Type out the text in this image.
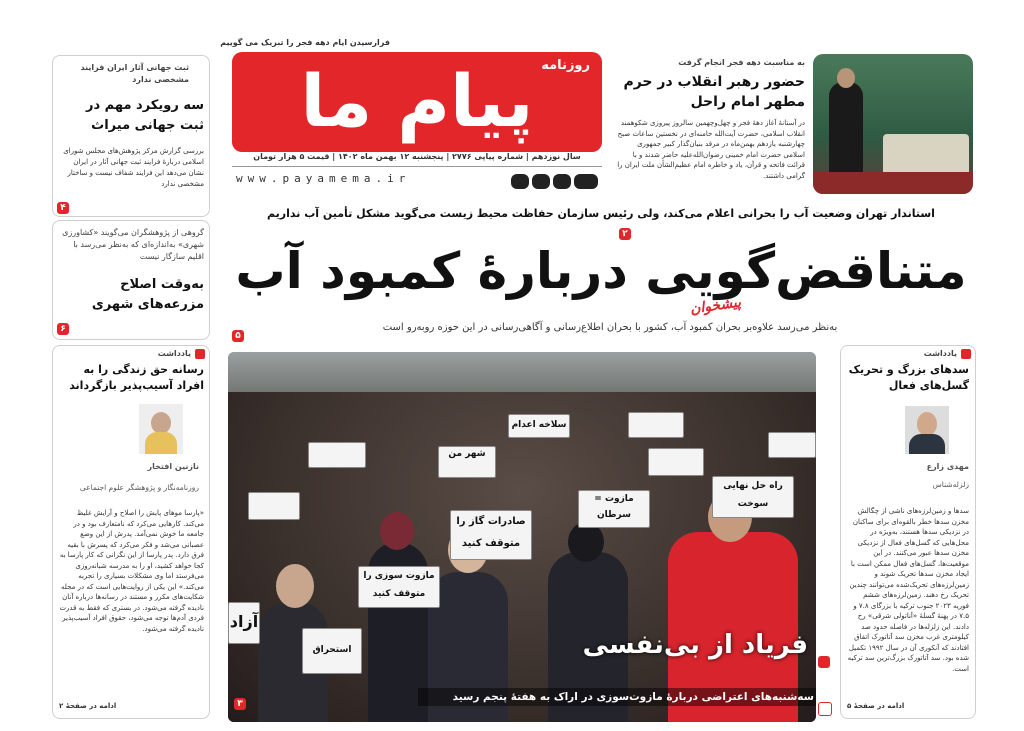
فرارسیدن ایام دهه فجر را تبریک می گوییم
روزنامه
پیام ما
سال نوزدهم | شماره پیاپی ۲۷۷۶ | پنجشنبه ۱۲ بهمن ماه ۱۴۰۲ | قیمت ۵ هزار تومان
www.payamema.ir
به مناسبت دهه فجر انجام گرفت
حضور رهبر انقلاب در حرم مطهر امام راحل
در آستانۀ آغاز دهۀ فجر و چهل‌وچهمین سالروز پیروزی شکوهمند انقلاب اسلامی، حضرت آیت‌الله خامنه‌ای در نخستین ساعات صبح چهارشنبه یازدهم بهمن‌ماه در مرقد بنیان‌گذار کبیر جمهوری اسلامی حضرت امام خمینی رضوان‌الله‌علیه حاضر شدند و با قرائت فاتحه و قرآن، یاد و خاطره امام عظیم‌الشأن ملت ایران را گرامی داشتند.
۲
ثبت جهانی آثار ایران فرایند مشخصی ندارد
سه رویکرد مهم در ثبت جهانی میراث
بررسی گزارش مرکز پژوهش‌های مجلس شورای اسلامی دربارۀ فرایند ثبت جهانی آثار در ایران نشان می‌دهد این فرایند شفاف نیست و ساختار مشخصی ندارد
۴
گروهی از پژوهشگران می‌گویند «کشاورزی شهری» به‌اندازه‌ای که به‌نظر می‌رسد با اقلیم سازگار نیست
به‌وقت اصلاح مزرعه‌های شهری
۶
استاندار تهران وضعیت آب را بحرانی اعلام می‌کند، ولی رئیس سازمان حفاظت محیط زیست می‌گوید مشکل تأمین آب نداریم
متناقض‌گویی دربارۀ کمبود آب
به‌نظر می‌رسد علاوه‌بر بحران کمبود آب، کشور با بحران اطلاع‌رسانی و آگاهی‌رسانی در این حوزه روبه‌رو است
۵
پیشخوان
صادرات گاز را متوقف کنید
مازوت سوزی را متوقف کنید
مازوت = سرطان
راه حل نهایی سوخت
شهر من
سلاخه اعدام
آزاد
استحراق	فریاد از بی‌نفسی
سه‌شنبه‌های اعتراضی دربارۀ مازوت‌سوزی در اراک به هفتۀ پنجم رسید
۳
یادداشت
رسانه حق زندگی را به افراد آسیب‌پذیر بازگرداند
نازنین افتخار
روزنامه‌نگار و پژوهشگر علوم اجتماعی
«پارسا موهای پایش را اصلاح و آرایش غلیظ می‌کند. کارهایی می‌کرد که نامتعارف بود و در جامعه ما خوش نمی‌آمد. پدرش از این وضع عصبانی می‌شد و فکر می‌کرد که پسرش با بقیه فرق دارد. پدر پارسا از این نگرانی که کار پارسا به کجا خواهد کشید، او را به مدرسه شبانه‌روزی می‌فرستد اما وی مشکلات بسیاری را تجربه می‌کند.» این یکی از روایت‌هایی است که در مجله شکایت‌های مکرر و مستند در رسانه‌ها درباره آنان نادیده گرفته می‌شود. در بستری که فقط به قدرت فردی آدم‌ها توجه می‌شود، حقوق افراد آسیب‌پذیر نادیده گرفته می‌شود.
ادامه در صفحۀ ۲
یادداشت
سدهای بزرگ و تحریک گسل‌های فعال
مهدی زارع
زلزله‌شناس
سدها و زمین‌لرزه‌های ناشی از چگالش مخزن سدها خطر بالقوه‌ای برای ساکنان در نزدیکی سدها هستند، به‌ویژه در محل‌هایی که گسل‌های فعال از نزدیکی مخزن سدها عبور می‌کنند. در این موقعیت‌ها، گسل‌های فعال ممکن است با ایجاد مخزن سدها تحریک شوند و زمین‌لرزه‌های تحریک‌شده می‌توانند چندین تحریک رخ دهند. زمین‌لرزه‌های ششم فوریه ۲۰۲۳ جنوب ترکیه با بزرگای ۷.۸ و ۷.۵ در پهنۀ گسلۀ «آناتولی شرقی» رخ دادند. این زلزله‌ها در فاصله حدود صد کیلومتری غرب مخزن سد آتاتورک اتفاق افتادند که آنکوری آن در سال ۱۹۹۲ تکمیل شده بود. سد آتاتورک بزرگ‌ترین سد ترکیه است.
ادامه در صفحۀ ۵
